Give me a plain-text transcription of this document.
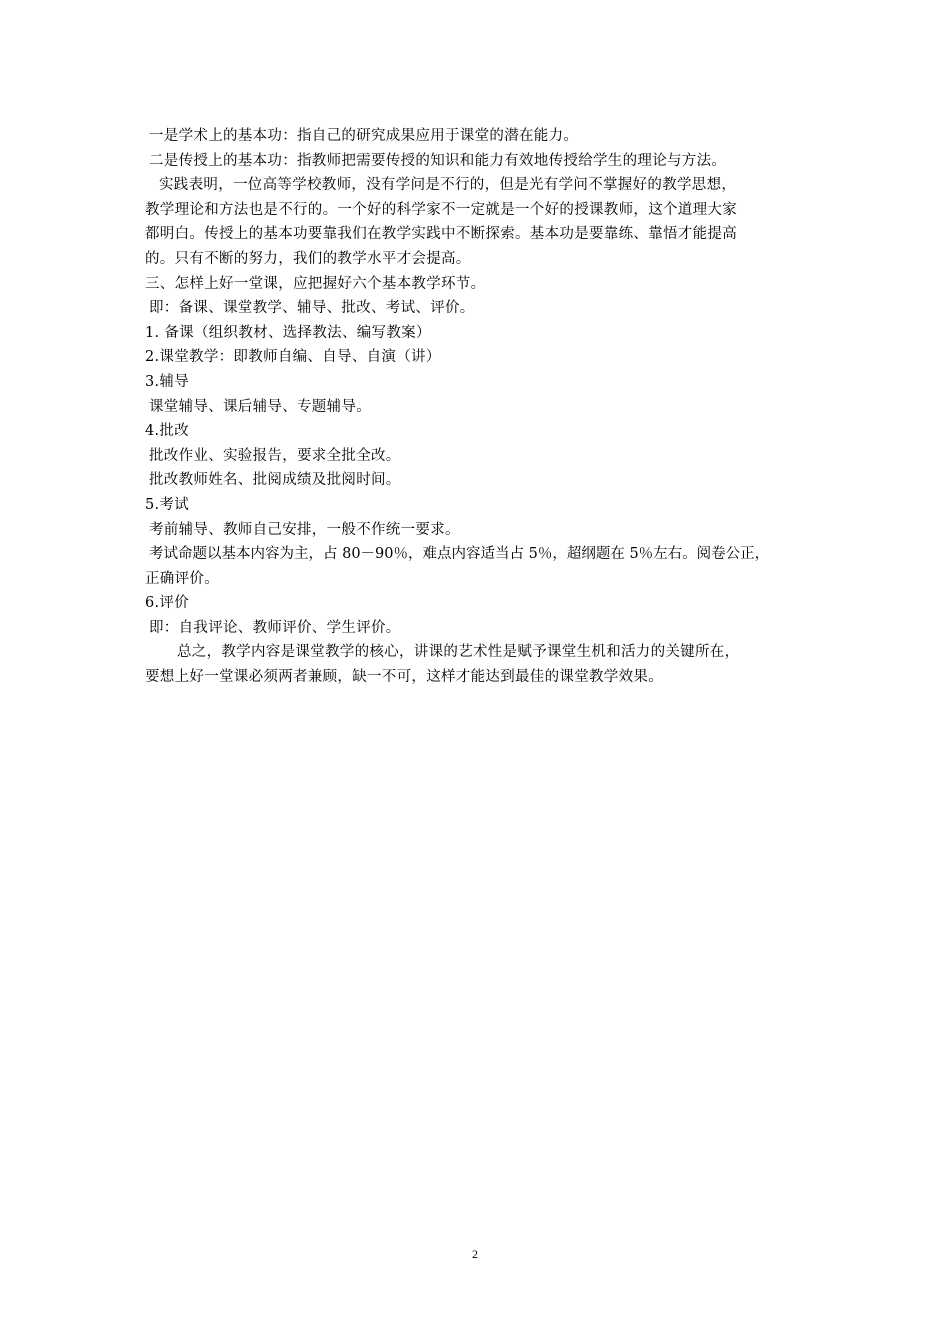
一是学术上的基本功：指自己的研究成果应用于课堂的潜在能力。
二是传授上的基本功：指教师把需要传授的知识和能力有效地传授给学生的理论与方法。
实践表明，一位高等学校教师，没有学问是不行的，但是光有学问不掌握好的教学思想，
教学理论和方法也是不行的。一个好的科学家不一定就是一个好的授课教师，这个道理大家
都明白。传授上的基本功要靠我们在教学实践中不断探索。基本功是要靠练、靠悟才能提高
的。只有不断的努力，我们的教学水平才会提高。
三、怎样上好一堂课，应把握好六个基本教学环节。
即：备课、课堂教学、辅导、批改、考试、评价。
1. 备课（组织教材、选择教法、编写教案）
2.课堂教学：即教师自编、自导、自演（讲）
3.辅导
课堂辅导、课后辅导、专题辅导。
4.批改
批改作业、实验报告，要求全批全改。
批改教师姓名、批阅成绩及批阅时间。
5.考试
考前辅导、教师自己安排，一般不作统一要求。
考试命题以基本内容为主，占 80－90％，难点内容适当占 5％，超纲题在 5％左右。阅卷公正，
正确评价。
6.评价
即：自我评论、教师评价、学生评价。
总之，教学内容是课堂教学的核心，讲课的艺术性是赋予课堂生机和活力的关键所在，
要想上好一堂课必须两者兼顾，缺一不可，这样才能达到最佳的课堂教学效果。
2
